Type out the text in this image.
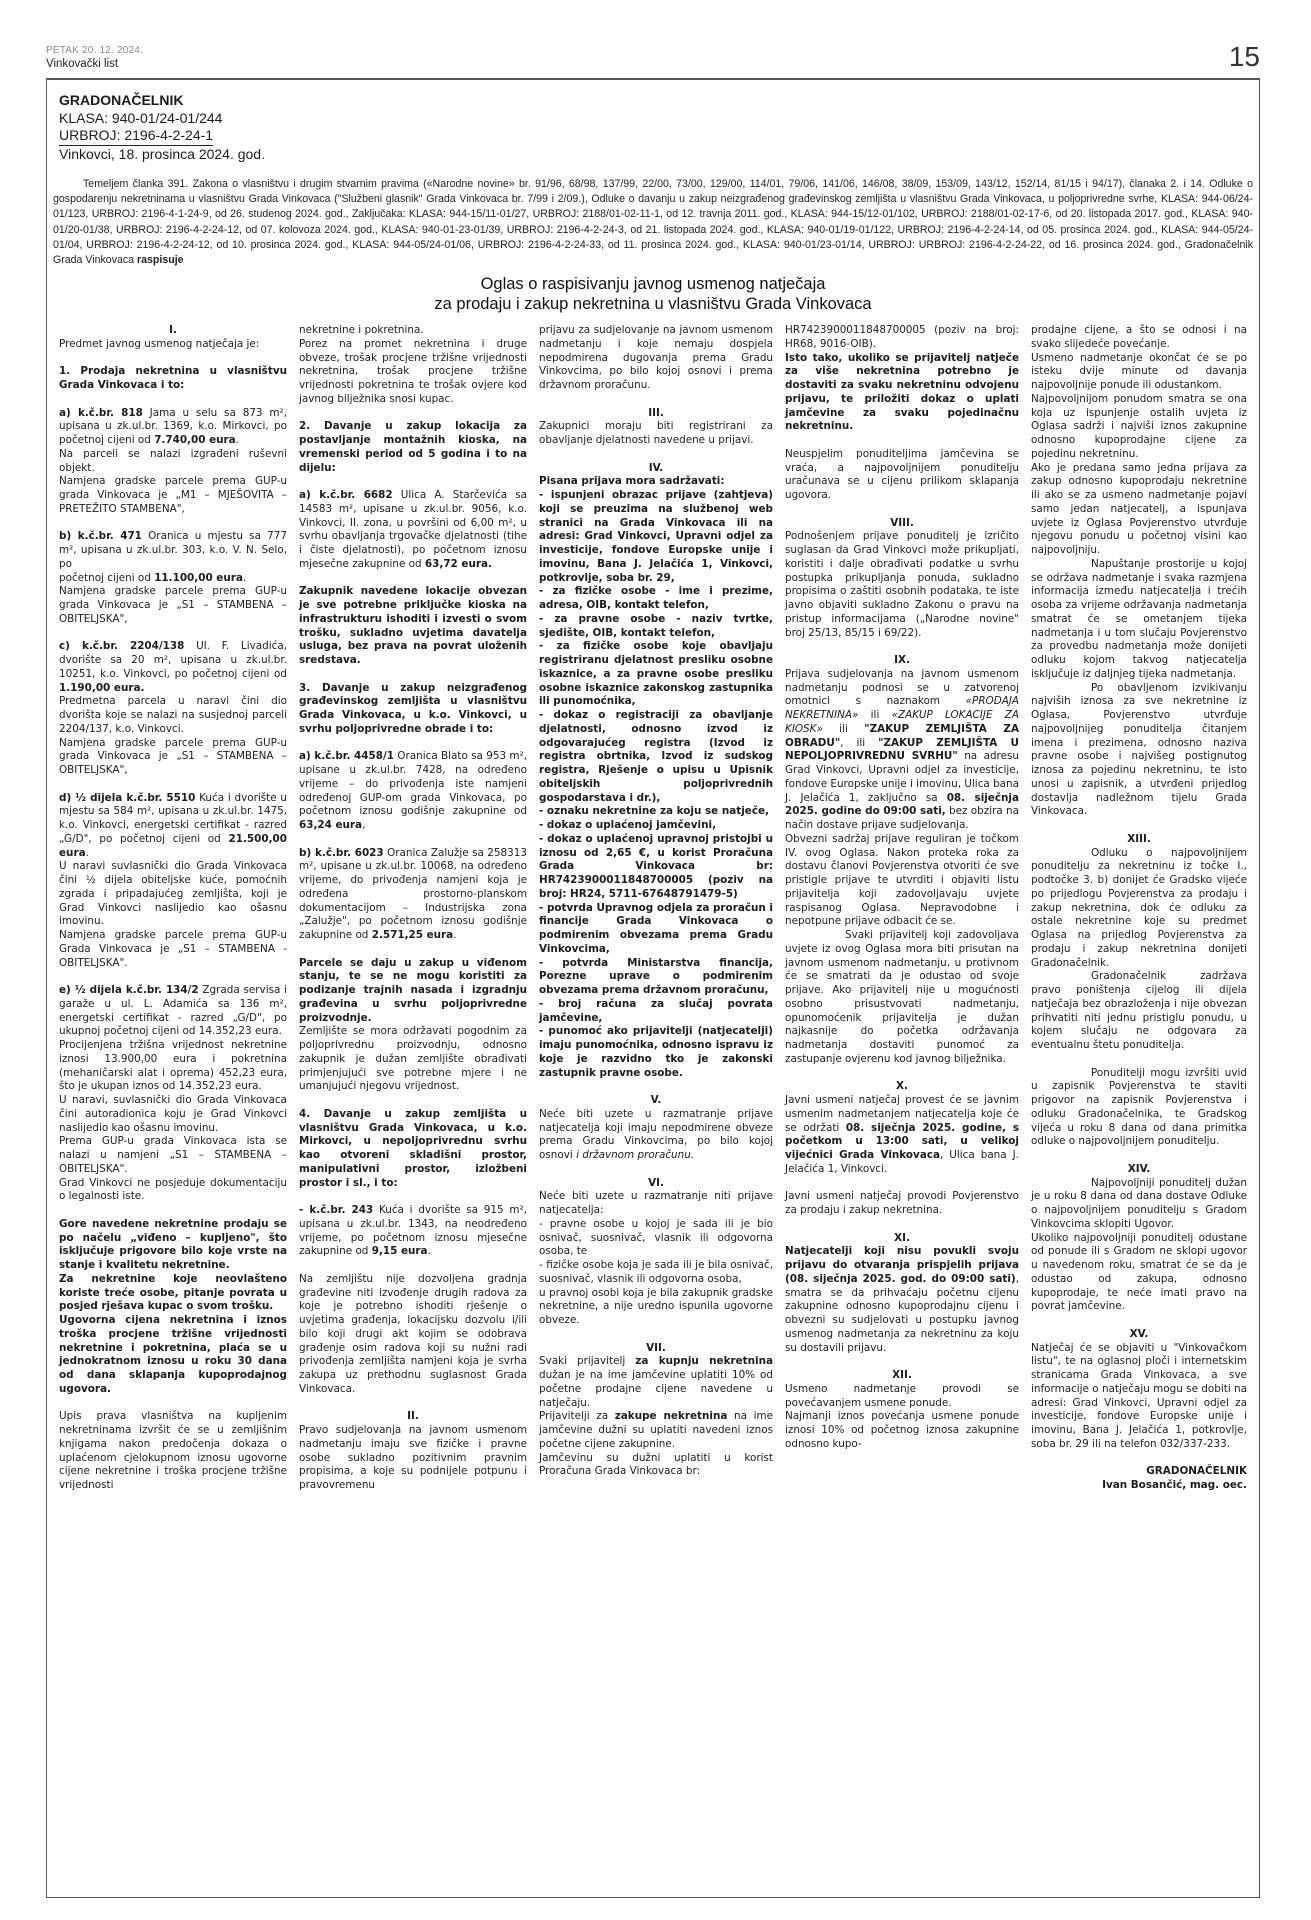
PETAK 20. 12. 2024.
Vinkovački list	15
GRADONAČELNIK
KLASA: 940-01/24-01/244
URBROJ: 2196-4-2-24-1
Vinkovci, 18. prosinca 2024. god.
Temeljem članka 391. Zakona o vlasništvu i drugim stvarnim pravima («Narodne novine» br. 91/96, 68/98, 137/99, 22/00, 73/00, 129/00, 114/01, 79/06, 141/06, 146/08, 38/09, 153/09, 143/12, 152/14, 81/15 i 94/17), članaka 2. i 14. Odluke o gospodarenju nekretninama u vlasništvu Grada Vinkovaca ("Službeni glasnik" Grada Vinkovaca br. 7/99 i 2/09.), Odluke o davanju u zakup neizgrađenog građevinskog zemljišta u vlasništvu Grada Vinkovaca, u poljoprivredne svrhe, KLASA: 944-06/24-01/123, URBROJ: 2196-4-1-24-9, od 26. studenog 2024. god., Zaključaka: KLASA: 944-15/11-01/27, URBROJ: 2188/01-02-11-1, od 12. travnja 2011. god., KLASA: 944-15/12-01/102, URBROJ: 2188/01-02-17-6, od 20. listopada 2017. god., KLASA: 940-01/20-01/38, URBROJ: 2196-4-2-24-12, od 07. kolovoza 2024. god., KLASA: 940-01-23-01/39, URBROJ: 2196-4-2-24-3, od 21. listopada 2024. god., KLASA: 940-01/19-01/122, URBROJ: 2196-4-2-24-14, od 05. prosinca 2024. god., KLASA: 944-05/24-01/04, URBROJ: 2196-4-2-24-12, od 10. prosinca 2024. god., KLASA: 944-05/24-01/06, URBROJ: 2196-4-2-24-33, od 11. prosinca 2024. god., KLASA: 940-01/23-01/14, URBROJ: URBROJ: 2196-4-2-24-22, od 16. prosinca 2024. god., Gradonačelnik Grada Vinkovaca raspisuje
Oglas o raspisivanju javnog usmenog natječaja
za prodaju i zakup nekretnina u vlasništvu Grada Vinkovaca

I.

Predmet javnog usmenog natječaja je:

1. Prodaja nekretnina u vlasništvu Grada Vinkovaca i to:

a) k.č.br. 818 Jama u selu sa 873 m², upisana u zk.ul.br. 1369, k.o. Mirkovci, po početnoj cijeni od 7.740,00 eura.

Na parceli se nalazi izgrađeni ruševni objekt.

Namjena gradske parcele prema GUP-u grada Vinkovaca je „M1 – MJEŠOVITA – PRETEŽITO STAMBENA",

b) k.č.br. 471 Oranica u mjestu sa 777 m², upisana u zk.ul.br. 303, k.o. V. N. Selo, po

početnoj cijeni od 11.100,00 eura.

Namjena gradske parcele prema GUP-u grada Vinkovaca je „S1 – STAMBENA – OBITELJSKA",

c) k.č.br. 2204/138 Ul. F. Livadića, dvorište sa 20 m², upisana u zk.ul.br. 10251, k.o. Vinkovci, po početnoj cijeni od 1.190,00 eura.

Predmetna parcela u naravi čini dio dvorišta koje se nalazi na susjednoj parceli 2204/137, k.o. Vinkovci.

Namjena gradske parcele prema GUP-u grada Vinkovaca je „S1 – STAMBENA – OBITELJSKA",

d) ½ dijela k.č.br. 5510 Kuća i dvorište u mjestu sa 584 m², upisana u zk.ul.br. 1475, k.o. Vinkovci, energetski certifikat - razred „G/D", po početnoj cijeni od 21.500,00 eura.

U naravi suvlasnički dio Grada Vinkovaca čini ½ dijela obiteljske kuće, pomoćnih zgrada i pripadajućeg zemljišta, koji je Grad Vinkovci naslijedio kao ošasnu imovinu.

Namjena gradske parcele prema GUP-u Grada Vinkovaca je „S1 – STAMBENA - OBITELJSKA".

e) ½ dijela k.č.br. 134/2 Zgrada servisa i garaže u ul. L. Adamića sa 136 m², energetski certifikat - razred „G/D", po ukupnoj početnoj cijeni od 14.352,23 eura.

Procijenjena tržišna vrijednost nekretnine iznosi 13.900,00 eura i pokretnina (mehaničarski alat i oprema) 452,23 eura, što je ukupan iznos od 14.352,23 eura.

U naravi, suvlasnički dio Grada Vinkovaca čini autoradionica koju je Grad Vinkovci naslijedio kao ošasnu imovinu.

Prema GUP-u grada Vinkovaca ista se nalazi u namjeni „S1 – STAMBENA – OBITELJSKA".

Grad Vinkovci ne posjeduje dokumentaciju o legalnosti iste.

Gore navedene nekretnine prodaju se po načelu „viđeno – kupljeno", što isključuje prigovore bilo koje vrste na stanje i kvalitetu nekretnine.

Za nekretnine koje neovlašteno koriste treće osobe, pitanje povrata u posjed rješava kupac o svom trošku.

Ugovorna cijena nekretnina i iznos troška procjene tržišne vrijednosti nekretnine i pokretnina, plaća se u jednokratnom iznosu u roku 30 dana od dana sklapanja kupoprodajnog ugovora.

Upis prava vlasništva na kupljenim nekretninama izvršit će se u zemljišnim knjigama nakon predočenja dokaza o uplaćenom cjelokupnom iznosu ugovorne cijene nekretnine i troška procjene tržišne vrijednosti

nekretnine i pokretnina.

Porez na promet nekretnina i druge obveze, trošak procjene tržišne vrijednosti nekretnina, trošak procjene tržišne vrijednosti pokretnina te trošak ovjere kod javnog bilježnika snosi kupac.

2. Davanje u zakup lokacija za postavljanje montažnih kioska, na vremenski period od 5 godina i to na dijelu:

a) k.č.br. 6682 Ulica A. Starčevića sa 14583 m², upisane u zk.ul.br. 9056, k.o. Vinkovci, II. zona, u površini od 6,00 m², u svrhu obavljanja trgovačke djelatnosti (tihe i čiste djelatnosti), po početnom iznosu mjesečne zakupnine od 63,72 eura.

Zakupnik navedene lokacije obvezan je sve potrebne priključke kioska na infrastrukturu ishoditi i izvesti o svom trošku, sukladno uvjetima davatelja usluga, bez prava na povrat uloženih sredstava.

3. Davanje u zakup neizgrađenog građevinskog zemljišta u vlasništvu Grada Vinkovaca, u k.o. Vinkovci, u svrhu poljoprivredne obrade i to:

a) k.č.br. 4458/1 Oranica Blato sa 953 m², upisane u zk.ul.br. 7428, na određeno vrijeme – do privođenja iste namjeni određenoj GUP-om grada Vinkovaca, po početnom iznosu godišnje zakupnine od 63,24 eura,

b) k.č.br. 6023 Oranica Zalužje sa 258313 m², upisane u zk.ul.br. 10068, na određeno vrijeme, do privođenja namjeni koja je određena prostorno-planskom dokumentacijom – Industrijska zona „Zalužje", po početnom iznosu godišnje zakupnine od 2.571,25 eura.

Parcele se daju u zakup u viđenom stanju, te se ne mogu koristiti za podizanje trajnih nasada i izgradnju građevina u svrhu poljoprivredne proizvodnje.

Zemljište se mora održavati pogodnim za poljoprivrednu proizvodnju, odnosno zakupnik je dužan zemljište obrađivati primjenjujući sve potrebne mjere i ne umanjujući njegovu vrijednost.

4. Davanje u zakup zemljišta u vlasništvu Grada Vinkovaca, u k.o. Mirkovci, u nepoljoprivrednu svrhu kao otvoreni skladišni prostor, manipulativni prostor, izložbeni prostor i sl., i to:

- k.č.br. 243 Kuća i dvorište sa 915 m², upisana u zk.ul.br. 1343, na neodređeno vrijeme, po početnom iznosu mjesečne zakupnine od 9,15 eura.

Na zemljištu nije dozvoljena gradnja građevine niti izvođenje drugih radova za koje je potrebno ishoditi rješenje o uvjetima građenja, lokacijsku dozvolu i/ili bilo koji drugi akt kojim se odobrava građenje osim radova koji su nužni radi privođenja zemljišta namjeni koja je svrha zakupa uz prethodnu suglasnost Grada Vinkovaca.

II.

Pravo sudjelovanja na javnom usmenom nadmetanju imaju sve fizičke i pravne osobe sukladno pozitivnim pravnim propisima, a koje su podnijele potpunu i pravovremenu

prijavu za sudjelovanje na javnom usmenom nadmetanju i koje nemaju dospjela nepodmirena dugovanja prema Gradu Vinkovcima, po bilo kojoj osnovi i prema državnom proračunu.

III.

Zakupnici moraju biti registrirani za obavljanje djelatnosti navedene u prijavi.

IV.

Pisana prijava mora sadržavati:

- ispunjeni obrazac prijave (zahtjeva) koji se preuzima na službenoj web stranici na Grada Vinkovaca ili na adresi: Grad Vinkovci, Upravni odjel za investicije, fondove Europske unije i imovinu, Bana J. Jelačića 1, Vinkovci, potkrovlje, soba br. 29,

- za fizičke osobe - ime i prezime, adresa, OIB, kontakt telefon,

- za pravne osobe - naziv tvrtke, sjedište, OIB, kontakt telefon,

- za fizičke osobe koje obavljaju registriranu djelatnost presliku osobne iskaznice, a za pravne osobe presliku osobne iskaznice zakonskog zastupnika ili punomoćnika,

- dokaz o registraciji za obavljanje djelatnosti, odnosno izvod iz odgovarajućeg registra (Izvod iz registra obrtnika, Izvod iz sudskog registra, Rješenje o upisu u Upisnik obiteljskih poljoprivrednih gospodarstava i dr.),

- oznaku nekretnine za koju se natječe,

- dokaz o uplaćenoj jamčevini,

- dokaz o uplaćenoj upravnoj pristojbi u iznosu od 2,65 €, u korist Proračuna Grada Vinkovaca br: HR7423900011848700005 (poziv na broj: HR24, 5711-67648791479-5)

- potvrda Upravnog odjela za proračun i financije Grada Vinkovaca o podmirenim obvezama prema Gradu Vinkovcima,

- potvrda Ministarstva financija, Porezne uprave o podmirenim obvezama prema državnom proračunu,

- broj računa za slučaj povrata jamčevine,

- punomoć ako prijavitelji (natjecatelji) imaju punomoćnika, odnosno ispravu iz koje je razvidno tko je zakonski zastupnik pravne osobe.

V.

Neće biti uzete u razmatranje prijave natjecatelja koji imaju nepodmirene obveze prema Gradu Vinkovcima, po bilo kojoj osnovi i državnom proračunu.

VI.

Neće biti uzete u razmatranje niti prijave natjecatelja:

- pravne osobe u kojoj je sada ili je bio osnivač, suosnivač, vlasnik ili odgovorna osoba, te

- fizičke osobe koja je sada ili je bila osnivač, suosnivač, vlasnik ili odgovorna osoba,

u pravnoj osobi koja je bila zakupnik gradske nekretnine, a nije uredno ispunila ugovorne obveze.

VII.

Svaki prijavitelj za kupnju nekretnina dužan je na ime jamčevine uplatiti 10% od početne prodajne cijene navedene u natječaju.

Prijavitelji za zakupe nekretnina na ime jamčevine dužni su uplatiti navedeni iznos početne cijene zakupnine.

Jamčevinu su dužni uplatiti u korist Proračuna Grada Vinkovaca br:

HR7423900011848700005 (poziv na broj: HR68, 9016-OIB).

Isto tako, ukoliko se prijavitelj natječe za više nekretnina potrebno je dostaviti za svaku nekretninu odvojenu prijavu, te priložiti dokaz o uplati jamčevine za svaku pojedinačnu nekretninu.

Neuspjelim ponuditeljima jamčevina se vraća, a najpovoljnijem ponuditelju uračunava se u cijenu prilikom sklapanja ugovora.

VIII.

Podnošenjem prijave ponuditelj je izričito suglasan da Grad Vinkovci može prikupljati, koristiti i dalje obrađivati podatke u svrhu postupka prikupljanja ponuda, sukladno propisima o zaštiti osobnih podataka, te iste javno objaviti sukladno Zakonu o pravu na pristup informacijama („Narodne novine" broj 25/13, 85/15 i 69/22).

IX.

Prijava sudjelovanja na javnom usmenom nadmetanju podnosi se u zatvorenoj omotnici s naznakom «PRODAJA NEKRETNINA» ili «ZAKUP LOKACIJE ZA KIOSK» ili "ZAKUP ZEMLJIŠTA ZA OBRADU", ili "ZAKUP ZEMLJIŠTA U NEPOLJOPRIVREDNU SVRHU" na adresu Grad Vinkovci, Upravni odjel za investicije, fondove Europske unije i imovinu, Ulica bana J. Jelačića 1, zaključno sa 08. siječnja 2025. godine do 09:00 sati, bez obzira na način dostave prijave sudjelovanja.

Obvezni sadržaj prijave reguliran je točkom IV. ovog Oglasa. Nakon proteka roka za dostavu članovi Povjerenstva otvoriti će sve pristigle prijave te utvrditi i objaviti listu prijavitelja koji zadovoljavaju uvjete raspisanog Oglasa. Nepravodobne i nepotpune prijave odbacit će se.

Svaki prijavitelj koji zadovoljava uvjete iz ovog Oglasa mora biti prisutan na javnom usmenom nadmetanju, u protivnom će se smatrati da je odustao od svoje prijave. Ako prijavitelj nije u mogućnosti osobno prisustvovati nadmetanju, opunomoćenik prijavitelja je dužan najkasnije do početka održavanja nadmetanja dostaviti punomoć za zastupanje ovjerenu kod javnog bilježnika.

X.

Javni usmeni natječaj provest će se javnim usmenim nadmetanjem natjecatelja koje će se održati 08. siječnja 2025. godine, s početkom u 13:00 sati, u velikoj vijećnici Grada Vinkovaca, Ulica bana J. Jelačića 1, Vinkovci.

Javni usmeni natječaj provodi Povjerenstvo za prodaju i zakup nekretnina.

XI.

Natjecatelji koji nisu povukli svoju prijavu do otvaranja prispjelih prijava (08. siječnja 2025. god. do 09:00 sati), smatra se da prihvaćaju početnu cijenu zakupnine odnosno kupoprodajnu cijenu i obvezni su sudjelovati u postupku javnog usmenog nadmetanja za nekretninu za koju su dostavili prijavu.

XII.

Usmeno nadmetanje provodi se povećavanjem usmene ponude.

Najmanji iznos povećanja usmene ponude iznosi 10% od početnog iznosa zakupnine odnosno kupo-

prodajne cijene, a što se odnosi i na svako slijedeće povećanje.

Usmeno nadmetanje okončat će se po isteku dvije minute od davanja najpovoljnije ponude ili odustankom.

Najpovoljnijom ponudom smatra se ona koja uz ispunjenje ostalih uvjeta iz Oglasa sadrži i najviši iznos zakupnine odnosno kupoprodajne cijene za pojedinu nekretninu.

Ako je predana samo jedna prijava za zakup odnosno kupoprodaju nekretnine ili ako se za usmeno nadmetanje pojavi samo jedan natjecatelj, a ispunjava uvjete iz Oglasa Povjerenstvo utvrđuje njegovu ponudu u početnoj visini kao najpovoljniju.

Napuštanje prostorije u kojoj se održava nadmetanje i svaka razmjena informacija između natjecatelja i trećih osoba za vrijeme održavanja nadmetanja smatrat će se ometanjem tijeka nadmetanja i u tom slučaju Povjerenstvo za provedbu nadmetanja može donijeti odluku kojom takvog natjecatelja isključuje iz daljnjeg tijeka nadmetanja.

Po obavljenom izvikivanju najviših iznosa za sve nekretnine iz Oglasa, Povjerenstvo utvrđuje najpovoljnijeg ponuditelja čitanjem imena i prezimena, odnosno naziva pravne osobe i najvišeg postignutog iznosa za pojedinu nekretninu, te isto unosi u zapisnik, a utvrđeni prijedlog dostavlja nadležnom tijelu Grada Vinkovaca.

XIII.

Odluku o najpovoljnijem ponuditelju za nekretninu iz točke I., podtočke 3. b) donijet će Gradsko vijeće po prijedlogu Povjerenstva za prodaju i zakup nekretnina, dok će odluku za ostale nekretnine koje su predmet Oglasa na prijedlog Povjerenstva za prodaju i zakup nekretnina donijeti Gradonačelnik.

Gradonačelnik zadržava pravo poništenja cijelog ili dijela natječaja bez obrazloženja i nije obvezan prihvatiti niti jednu pristiglu ponudu, u kojem slučaju ne odgovara za eventualnu štetu ponuditelja.

Ponuditelji mogu izvršiti uvid u zapisnik Povjerenstva te staviti prigovor na zapisnik Povjerenstva i odluku Gradonačelnika, te Gradskog vijeća u roku 8 dana od dana primitka odluke o najpovoljnijem ponuditelju.

XIV.

Najpovoljniji ponuditelj dužan je u roku 8 dana od dana dostave Odluke o najpovoljnijem ponuditelju s Gradom Vinkovcima sklopiti Ugovor.

Ukoliko najpovoljniji ponuditelj odustane od ponude ili s Gradom ne sklopi ugovor u navedenom roku, smatrat će se da je odustao od zakupa, odnosno kupoprodaje, te neće imati pravo na povrat jamčevine.

XV.

Natječaj će se objaviti u "Vinkovačkom listu", te na oglasnoj ploči i internetskim stranicama Grada Vinkovaca, a sve informacije o natječaju mogu se dobiti na adresi: Grad Vinkovci, Upravni odjel za investicije, fondove Europske unije i imovinu, Bana J. Jelačića 1, potkrovlje, soba br. 29 ili na telefon 032/337-233.

GRADONAČELNIK

Ivan Bosančić, mag. oec.
